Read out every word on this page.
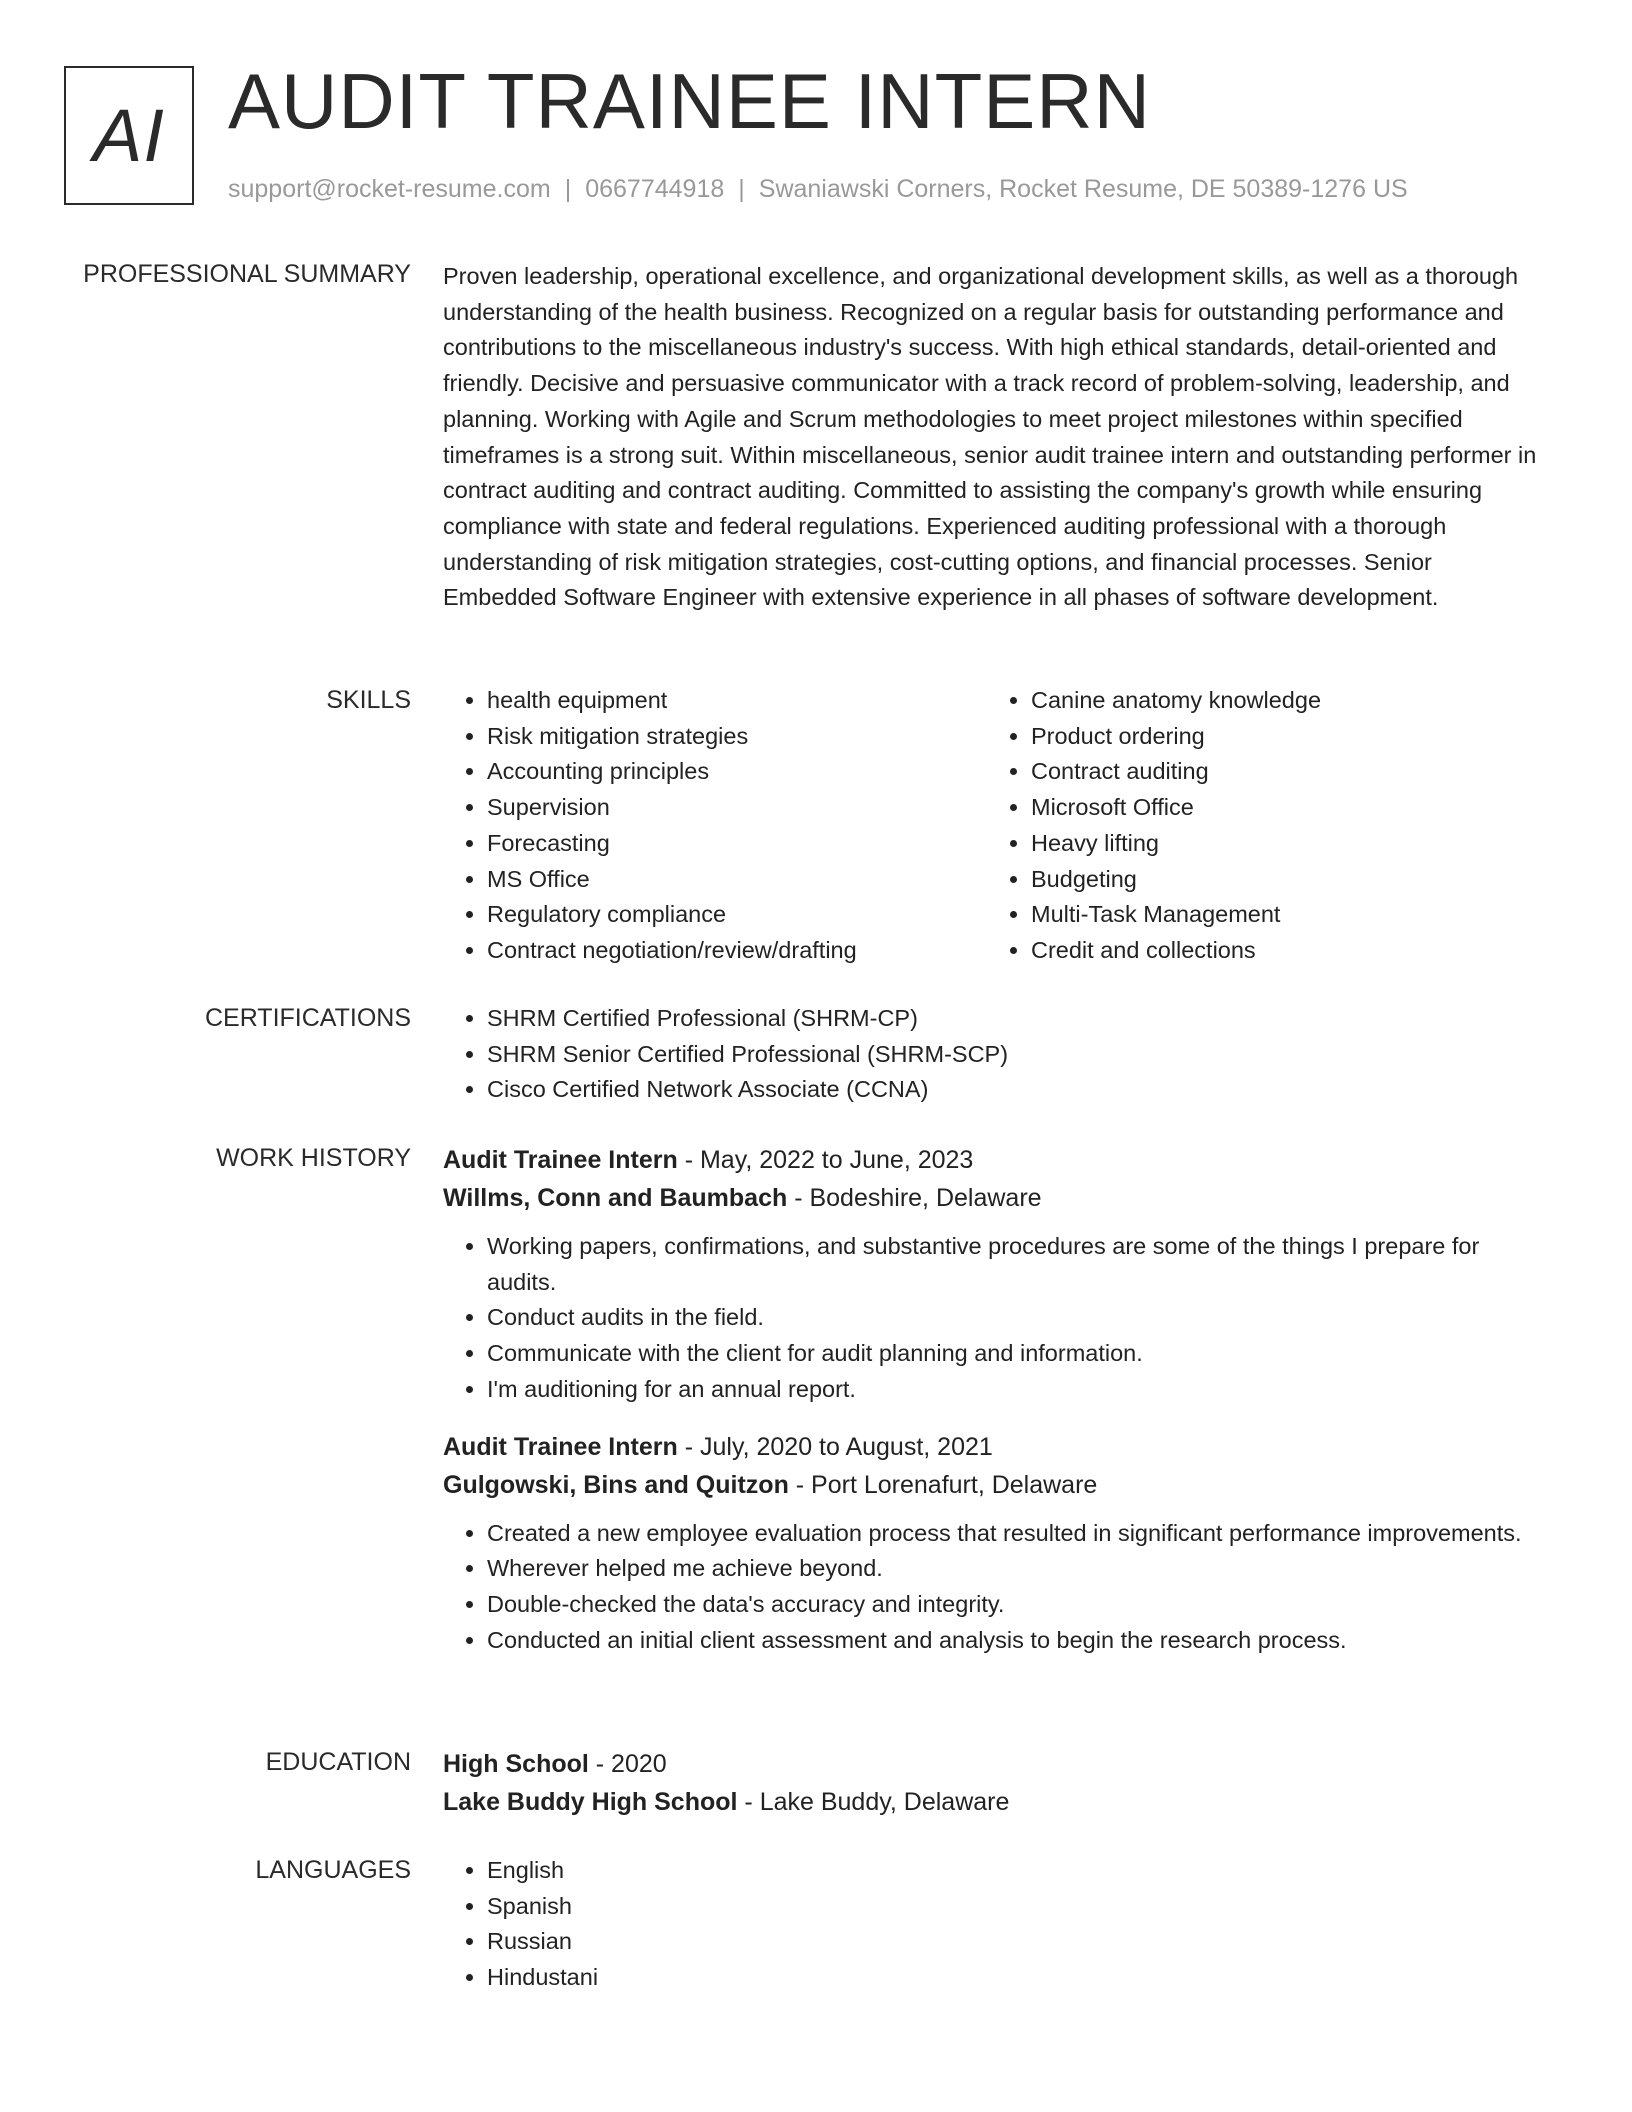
AI AUDIT TRAINEE INTERN
support@rocket-resume.com | 0667744918 | Swaniawski Corners, Rocket Resume, DE 50389-1276 US
PROFESSIONAL SUMMARY Proven leadership, operational excellence, and organizational development skills, as well as a thorough understanding of the health business. Recognized on a regular basis for outstanding performance and contributions to the miscellaneous industry's success. With high ethical standards, detail-oriented and friendly. Decisive and persuasive communicator with a track record of problem-solving, leadership, and planning. Working with Agile and Scrum methodologies to meet project milestones within specified timeframes is a strong suit. Within miscellaneous, senior audit trainee intern and outstanding performer in contract auditing and contract auditing. Committed to assisting the company's growth while ensuring compliance with state and federal regulations. Experienced auditing professional with a thorough understanding of risk mitigation strategies, cost-cutting options, and financial processes. Senior Embedded Software Engineer with extensive experience in all phases of software development.
SKILLS	• health equipment
• Risk mitigation strategies
• Accounting principles
• Supervision
• Forecasting
• MS Office
• Regulatory compliance
• Contract negotiation/review/drafting
• Canine anatomy knowledge
• Product ordering
• Contract auditing
• Microsoft Office
• Heavy lifting
• Budgeting
• Multi-Task Management
• Credit and collections
CERTIFICATIONS	• SHRM Certified Professional (SHRM-CP)
• SHRM Senior Certified Professional (SHRM-SCP)
• Cisco Certified Network Associate (CCNA)
WORK HISTORY Audit Trainee Intern - May, 2022 to June, 2023
Willms, Conn and Baumbach - Bodeshire, Delaware
• Working papers, confirmations, and substantive procedures are some of the things I prepare for audits.
• Conduct audits in the field.
• Communicate with the client for audit planning and information.
• I'm auditioning for an annual report.
Audit Trainee Intern - July, 2020 to August, 2021
Gulgowski, Bins and Quitzon - Port Lorenafurt, Delaware
• Created a new employee evaluation process that resulted in significant performance improvements.
• Wherever helped me achieve beyond.
• Double-checked the data's accuracy and integrity.
• Conducted an initial client assessment and analysis to begin the research process.
EDUCATION High School - 2020
Lake Buddy High School - Lake Buddy, Delaware
LANGUAGES	• English
• Spanish
• Russian
• Hindustani
